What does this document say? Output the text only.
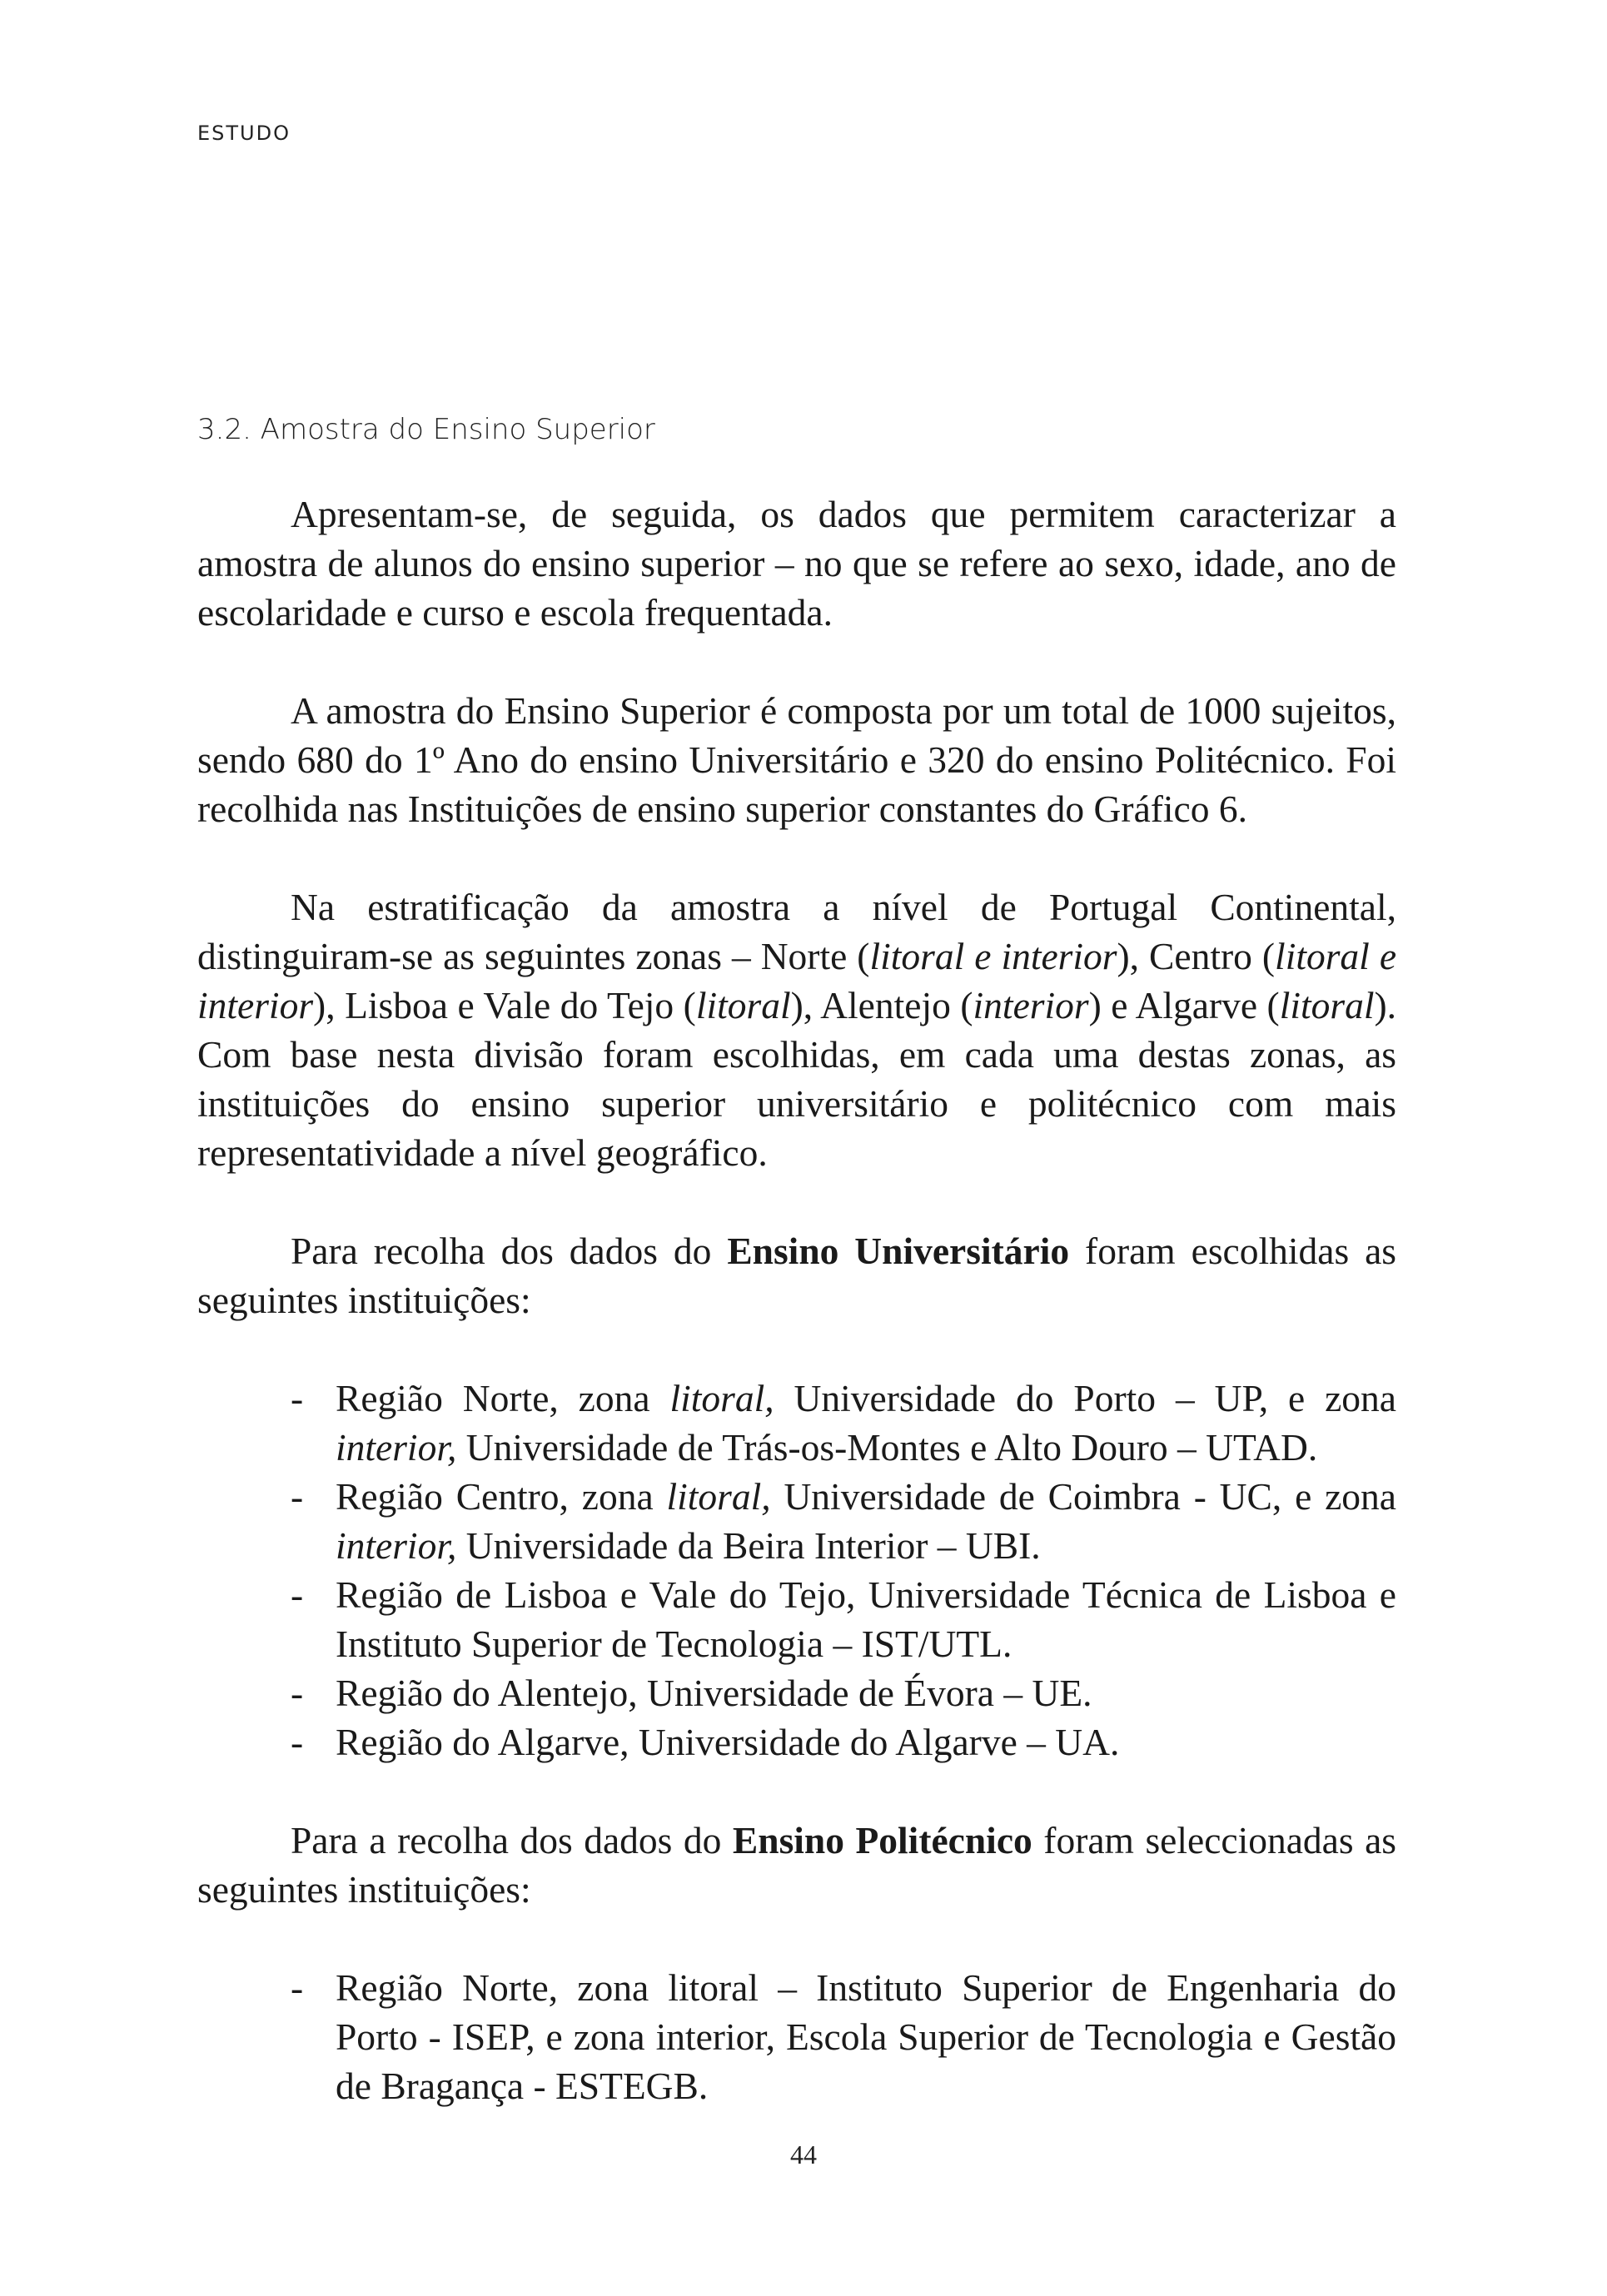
ESTUDO
3.2. Amostra do Ensino Superior

Apresentam-se, de seguida, os dados que permitem caracterizar a amostra de alunos do ensino superior – no que se refere ao sexo, idade, ano de escolaridade e curso e escola frequentada.

A amostra do Ensino Superior é composta por um total de 1000 sujeitos, sendo 680 do 1º Ano do ensino Universitário e 320 do ensino Politécnico. Foi recolhida nas Instituições de ensino superior constantes do Gráfico 6.

Na estratificação da amostra a nível de Portugal Continental, distinguiram-se as seguintes zonas – Norte (litoral e interior), Centro (litoral e interior), Lisboa e Vale do Tejo (litoral), Alentejo (interior) e Algarve (litoral). Com base nesta divisão foram escolhidas, em cada uma destas zonas, as instituições do ensino superior universitário e politécnico com mais representatividade a nível geográfico.

Para recolha dos dados do Ensino Universitário foram escolhidas as seguintes instituições:

- Região Norte, zona litoral, Universidade do Porto – UP, e zona interior, Universidade de Trás-os-Montes e Alto Douro – UTAD.
- Região Centro, zona litoral, Universidade de Coimbra - UC, e zona interior, Universidade da Beira Interior – UBI.
- Região de Lisboa e Vale do Tejo, Universidade Técnica de Lisboa e Instituto Superior de Tecnologia – IST/UTL.
- Região do Alentejo, Universidade de Évora – UE.
- Região do Algarve, Universidade do Algarve – UA.

Para a recolha dos dados do Ensino Politécnico foram seleccionadas as seguintes instituições:

- Região Norte, zona litoral – Instituto Superior de Engenharia do Porto - ISEP, e zona interior, Escola Superior de Tecnologia e Gestão de Bragança - ESTEGB.
44
